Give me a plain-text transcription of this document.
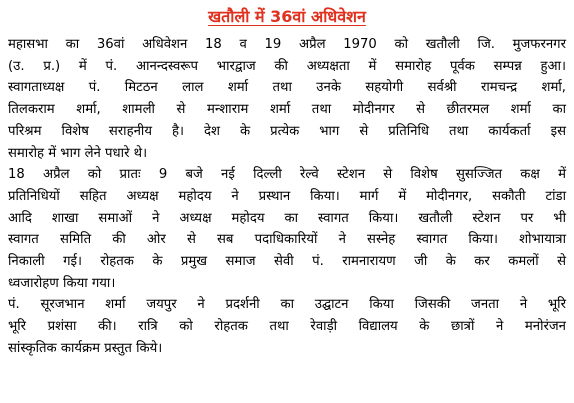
खतौली में 36वां अधिवेशन

महासभा का 36वां अधिवेशन 18 व 19 अप्रैल 1970 को खतौली जि. मुजफरनगर
(उ. प्र.) में पं. आनन्दस्वरूप भारद्वाज की अध्यक्षता में समारोह पूर्वक सम्पन्न हुआ।
स्वागताध्यक्ष पं. मिटठन लाल शर्मा तथा उनके सहयोगी सर्वश्री रामचन्द्र शर्मा,
तिलकराम शर्मा, शामली से मन्शाराम शर्मा तथा मोदीनगर से छीतरमल शर्मा का
परिश्रम विशेष सराहनीय है। देश के प्रत्येक भाग से प्रतिनिधि तथा कार्यकर्ता इस
समारोह में भाग लेने पधारे थे।

18 अप्रैल को प्रातः 9 बजे नई दिल्ली रेल्वे स्टेशन से विशेष सुसज्जित कक्ष में
प्रतिनिधियों सहित अध्यक्ष महोदय ने प्रस्थान किया। मार्ग में मोदीनगर, सकौती टांडा
आदि शाखा समाओं ने अध्यक्ष महोदय का स्वागत किया। खतौली स्टेशन पर भी
स्वागत समिति की ओर से सब पदाधिकारियों ने सस्नेह स्वागत किया। शोभायात्रा
निकाली गई। रोहतक के प्रमुख समाज सेवी पं. रामनारायण जी के कर कमलों से
ध्वजारोहण किया गया।

पं. सूरजभान शर्मा जयपुर ने प्रदर्शनी का उद्घाटन किया जिसकी जनता ने भूरि
भूरि प्रशंसा की। रात्रि को रोहतक तथा रेवाड़ी विद्यालय के छात्रों ने मनोरंजन
सांस्कृतिक कार्यक्रम प्रस्तुत किये।
